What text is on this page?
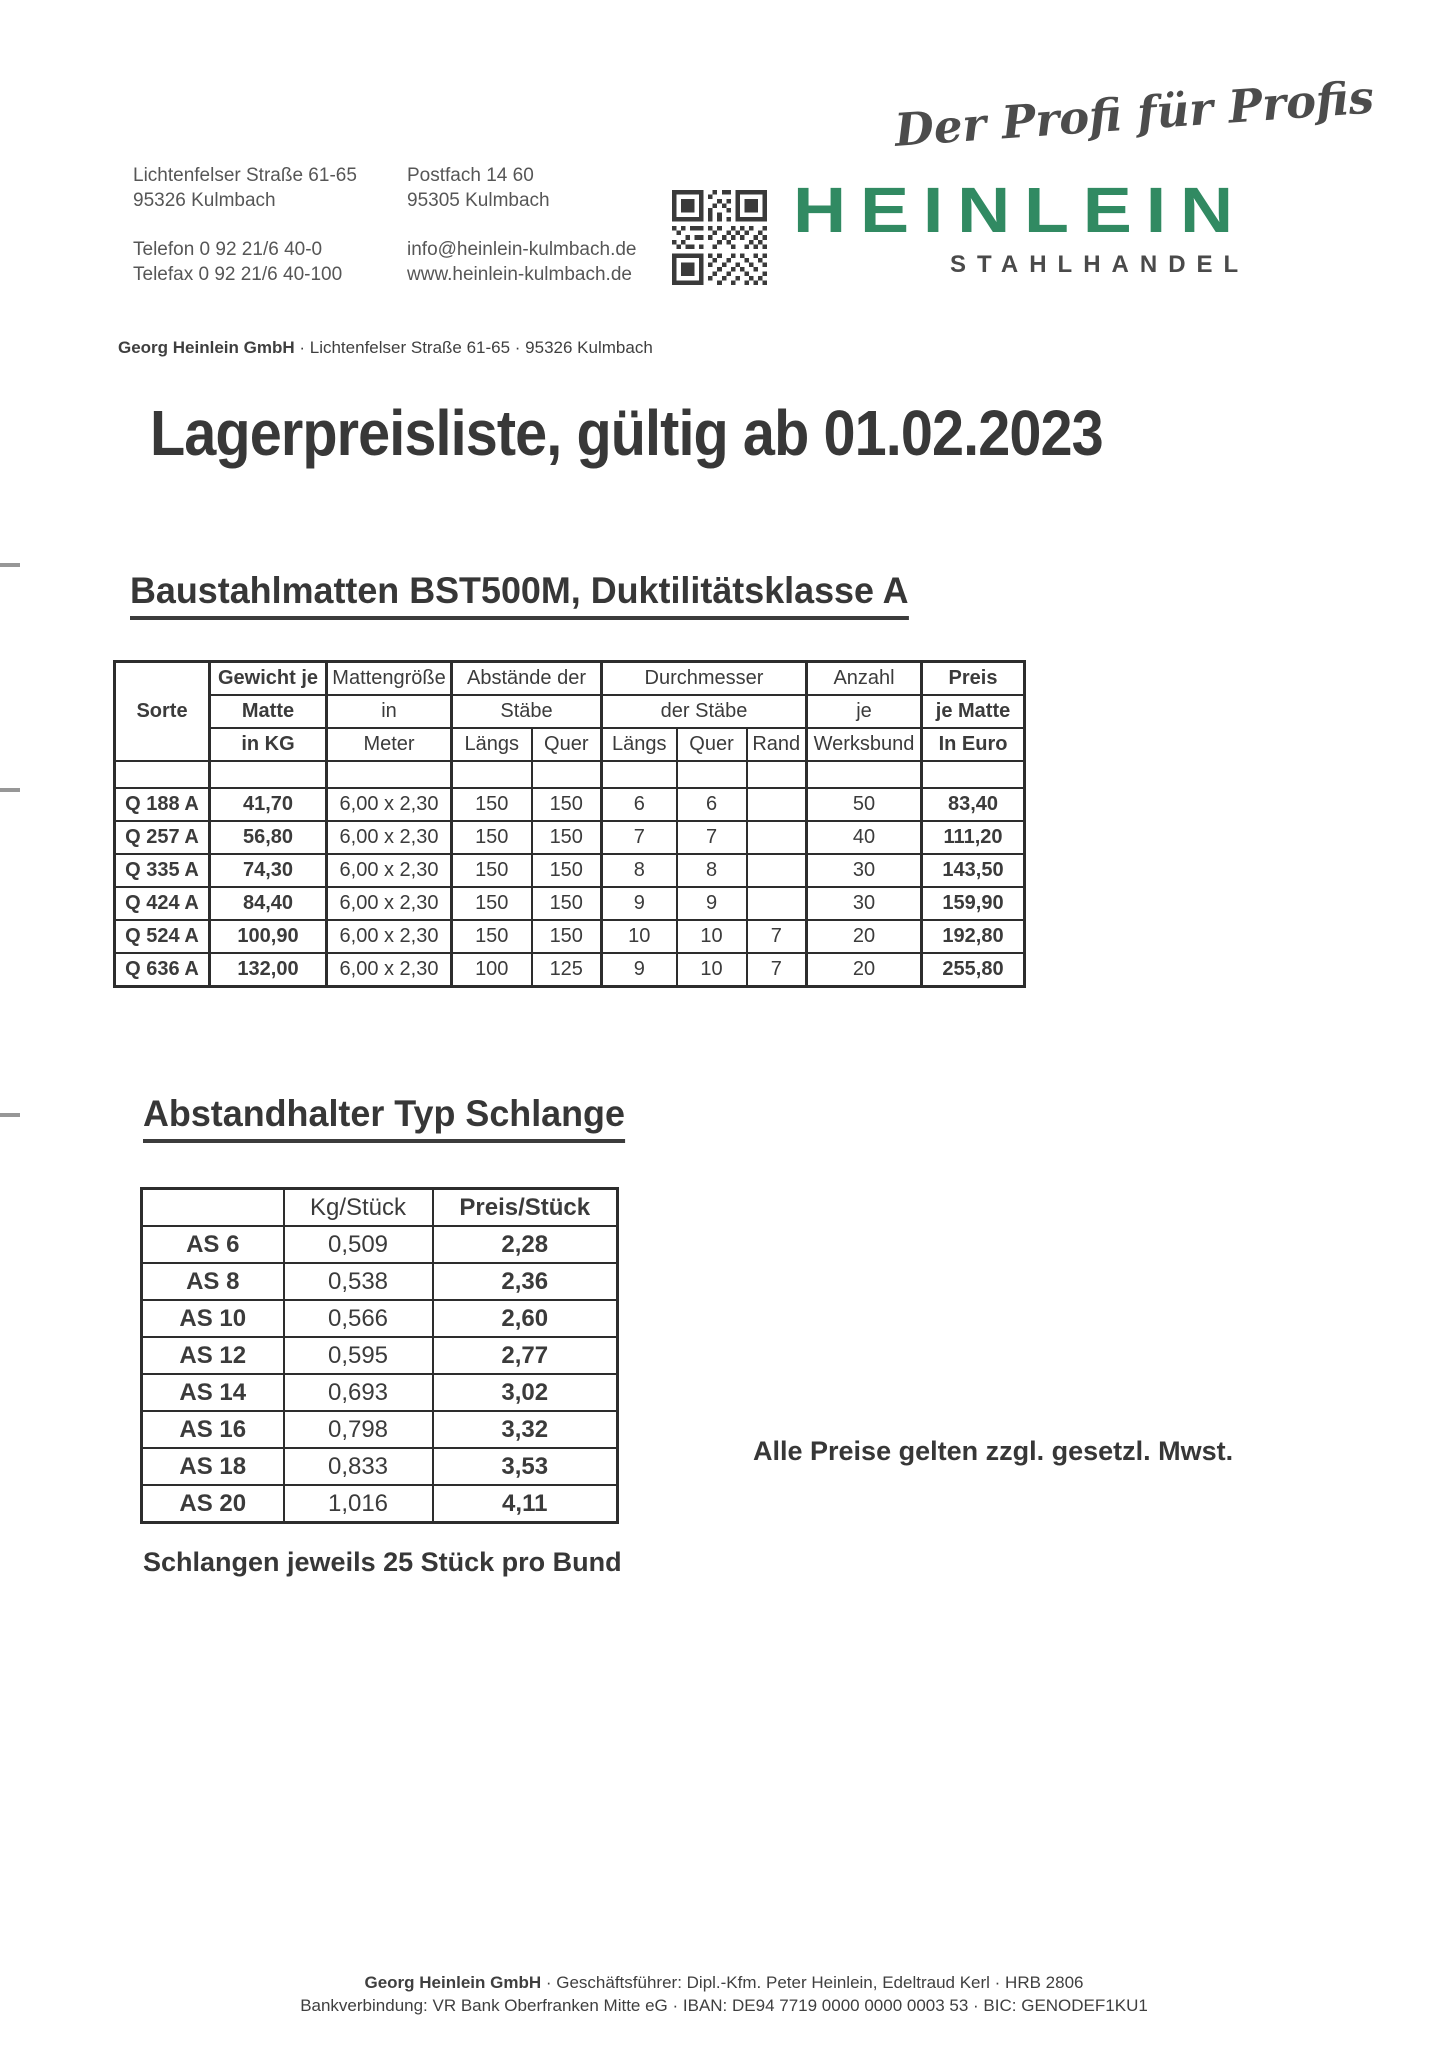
Lichtenfelser Straße 61-65
95326 Kulmbach
Telefon 0 92 21/6 40-0
Telefax 0 92 21/6 40-100
Postfach 14 60
95305 Kulmbach
info@heinlein-kulmbach.de
www.heinlein-kulmbach.de
Der Profi für Profis
HEINLEIN
STAHLHANDEL
Georg Heinlein GmbH · Lichtenfelser Straße 61-65 · 95326 Kulmbach
Lagerpreisliste, gültig ab 01.02.2023
Baustahlmatten BST500M, Duktilitätsklasse A
Sorte	Gewicht je	Mattengröße	Abstände der		Durchmesser			Anzahl	Preis
	Matte	in	Stäbe		der Stäbe			je	je Matte
	in KG	Meter	Längs	Quer	Längs	Quer	Rand	Werksbund	In Euro

Q 188 A	41,70	6,00 x 2,30	150	150	6	6		50	83,40
Q 257 A	56,80	6,00 x 2,30	150	150	7	7		40	111,20
Q 335 A	74,30	6,00 x 2,30	150	150	8	8		30	143,50
Q 424 A	84,40	6,00 x 2,30	150	150	9	9		30	159,90
Q 524 A	100,90	6,00 x 2,30	150	150	10	10	7	20	192,80
Q 636 A	132,00	6,00 x 2,30	100	125	9	10	7	20	255,80
Abstandhalter Typ Schlange
	Kg/Stück	Preis/Stück
AS 6	0,509	2,28
AS 8	0,538	2,36
AS 10	0,566	2,60
AS 12	0,595	2,77
AS 14	0,693	3,02
AS 16	0,798	3,32
AS 18	0,833	3,53
AS 20	1,016	4,11
Alle Preise gelten zzgl. gesetzl. Mwst.
Schlangen jeweils 25 Stück pro Bund
Georg Heinlein GmbH · Geschäftsführer: Dipl.-Kfm. Peter Heinlein, Edeltraud Kerl · HRB 2806
Bankverbindung: VR Bank Oberfranken Mitte eG · IBAN: DE94 7719 0000 0000 0003 53 · BIC: GENODEF1KU1
